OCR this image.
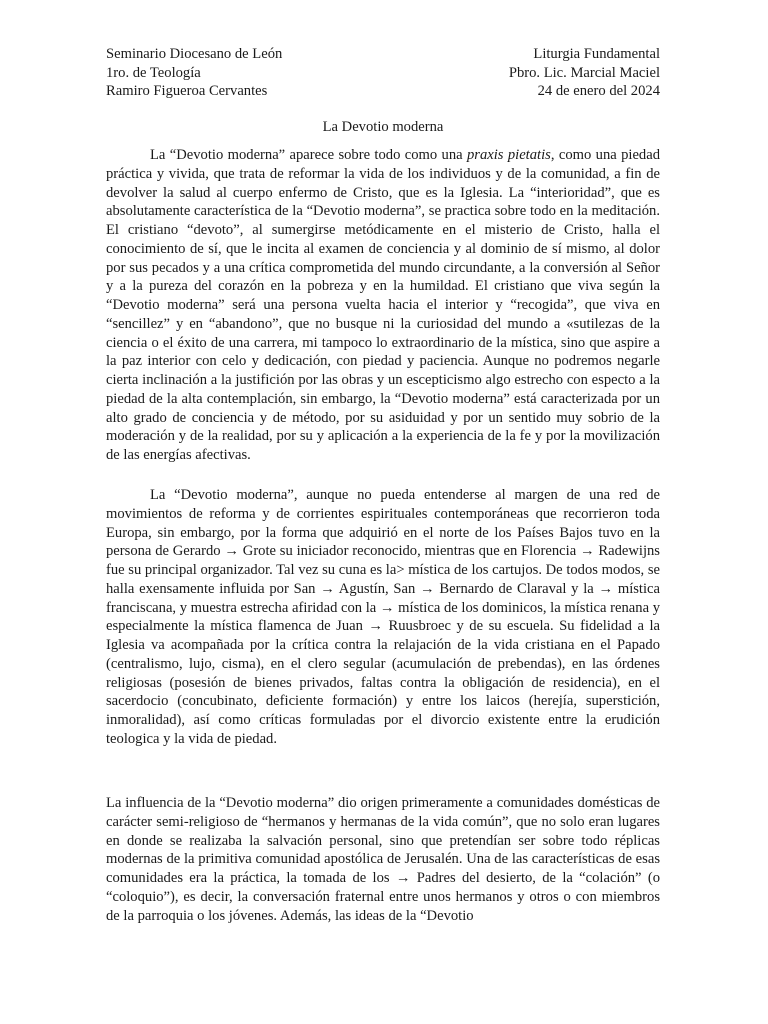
Seminario Diocesano de León	Liturgia Fundamental
1ro. de Teología	Pbro. Lic. Marcial Maciel
Ramiro Figueroa Cervantes	24 de enero del 2024
La Devotio moderna

La “Devotio moderna” aparece sobre todo como una praxis pietatis, como una piedad práctica y vivida, que trata de reformar la vida de los individuos y de la comunidad, a fin de devolver la salud al cuerpo enfermo de Cristo, que es la Iglesia. La “interioridad”, que es absolutamente característica de la “Devotio moderna”, se practica sobre todo en la meditación. El cristiano “devoto”, al sumergirse metódicamente en el misterio de Cristo, halla el conocimiento de sí, que le incita al examen de conciencia y al dominio de sí mismo, al dolor por sus pecados y a una crítica comprometida del mundo circundante, a la conversión al Señor y a la pureza del corazón en la pobreza y en la humildad. El cristiano que viva según la “Devotio moderna” será una persona vuelta hacia el interior y “recogida”, que viva en “sencillez” y en “abandono”, que no busque ni la curiosidad del mundo a «sutilezas de la ciencia o el éxito de una carrera, mi tampoco lo extraordinario de la mística, sino que aspire a la paz interior con celo y dedicación, con piedad y paciencia. Aunque no podremos negarle cierta inclinación a la justifición por las obras y un escepticismo algo estrecho con especto a la piedad de la alta contemplación, sin embargo, la “Devotio moderna” está caracterizada por un alto grado de conciencia y de método, por su asiduidad y por un sentido muy sobrio de la moderación y de la realidad, por su y aplicación a la experiencia de la fe y por la movilización de las energías afectivas.

La “Devotio moderna”, aunque no pueda entenderse al margen de una red de movimientos de reforma y de corrientes espirituales contemporáneas que recorrieron toda Europa, sin embargo, por la forma que adquirió en el norte de los Países Bajos tuvo en la persona de Gerardo → Grote su iniciador reconocido, mientras que en Florencia → Radewijns fue su principal organizador. Tal vez su cuna es la> mística de los cartujos. De todos modos, se halla exensamente influida por San → Agustín, San → Bernardo de Claraval y la → mística franciscana, y muestra estrecha afiridad con la → mística de los dominicos, la mística renana y especialmente la mística flamenca de Juan → Ruusbroec y de su escuela. Su fidelidad a la Iglesia va acompañada por la crítica contra la relajación de la vida cristiana en el Papado (centralismo, lujo, cisma), en el clero segular (acumulación de prebendas), en las órdenes religiosas (posesión de bienes privados, faltas contra la obligación de residencia), en el sacerdocio (concubinato, deficiente formación) y entre los laicos (herejía, superstición, inmoralidad), así como críticas formuladas por el divorcio existente entre la erudición teologica y la vida de piedad.

La influencia de la “Devotio moderna” dio origen primeramente a comunidades domésticas de carácter semi-religioso de “hermanos y hermanas de la vida común”, que no solo eran lugares en donde se realizaba la salvación personal, sino que pretendían ser sobre todo réplicas modernas de la primitiva comunidad apostólica de Jerusalén. Una de las características de esas comunidades era la práctica, la tomada de los → Padres del desierto, de la “colación” (o “coloquio”), es decir, la conversación fraternal entre unos hermanos y otros o con miembros de la parroquia o los jóvenes. Además, las ideas de la “Devotio
